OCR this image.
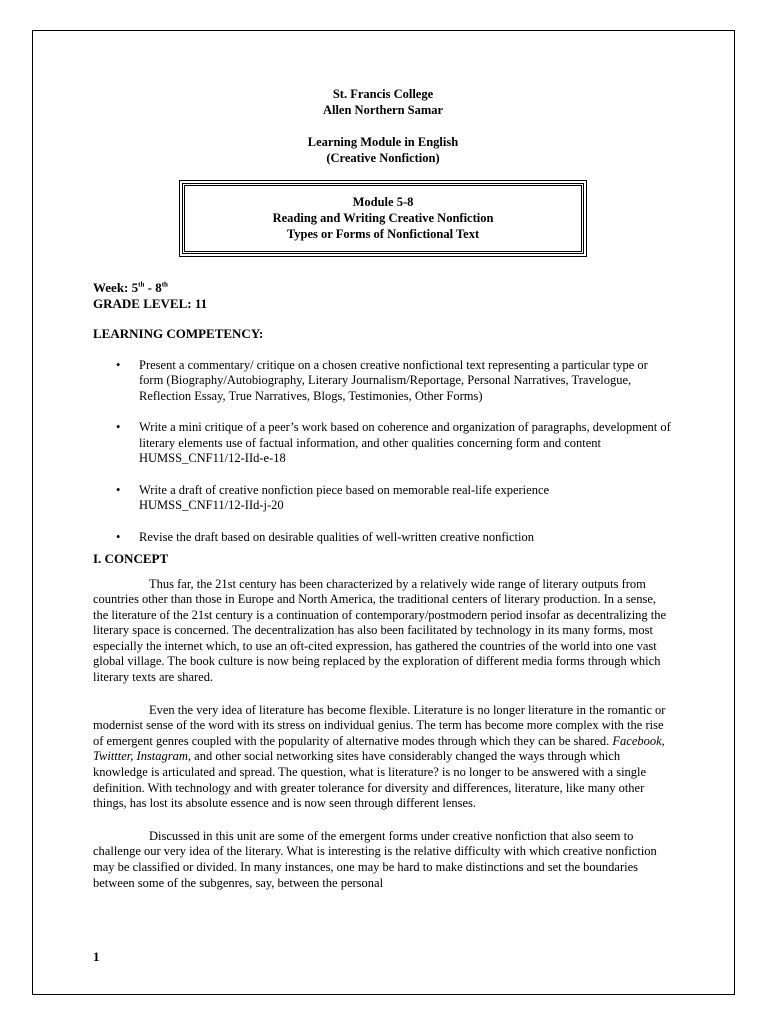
St. Francis College
Allen Northern Samar
Learning Module in English
(Creative Nonfiction)
Module 5-8
Reading and Writing Creative Nonfiction
Types or Forms of Nonfictional Text
Week: 5th - 8th
GRADE LEVEL: 11
LEARNING COMPETENCY:
• Present a commentary/ critique on a chosen creative nonfictional text representing a particular type or form (Biography/Autobiography, Literary Journalism/Reportage, Personal Narratives, Travelogue, Reflection Essay, True Narratives, Blogs, Testimonies, Other Forms)
• Write a mini critique of a peer’s work based on coherence and organization of paragraphs, development of literary elements use of factual information, and other qualities concerning form and content
HUMSS_CNF11/12-IId-e-18
• Write a draft of creative nonfiction piece based on memorable real-life experience
HUMSS_CNF11/12-IId-j-20
• Revise the draft based on desirable qualities of well-written creative nonfiction
I. CONCEPT

Thus far, the 21st century has been characterized by a relatively wide range of literary outputs from countries other than those in Europe and North America, the traditional centers of literary production. In a sense, the literature of the 21st century is a continuation of contemporary/postmodern period insofar as decentralizing the literary space is concerned. The decentralization has also been facilitated by technology in its many forms, most especially the internet which, to use an oft-cited expression, has gathered the countries of the world into one vast global village. The book culture is now being replaced by the exploration of different media forms through which literary texts are shared.

Even the very idea of literature has become flexible. Literature is no longer literature in the romantic or modernist sense of the word with its stress on individual genius. The term has become more complex with the rise of emergent genres coupled with the popularity of alternative modes through which they can be shared. Facebook, Twittter, Instagram, and other social networking sites have considerably changed the ways through which knowledge is articulated and spread. The question, what is literature? is no longer to be answered with a single definition. With technology and with greater tolerance for diversity and differences, literature, like many other things, has lost its absolute essence and is now seen through different lenses.

Discussed in this unit are some of the emergent forms under creative nonfiction that also seem to challenge our very idea of the literary. What is interesting is the relative difficulty with which creative nonfiction may be classified or divided. In many instances, one may be hard to make distinctions and set the boundaries between some of the subgenres, say, between the personal

1
